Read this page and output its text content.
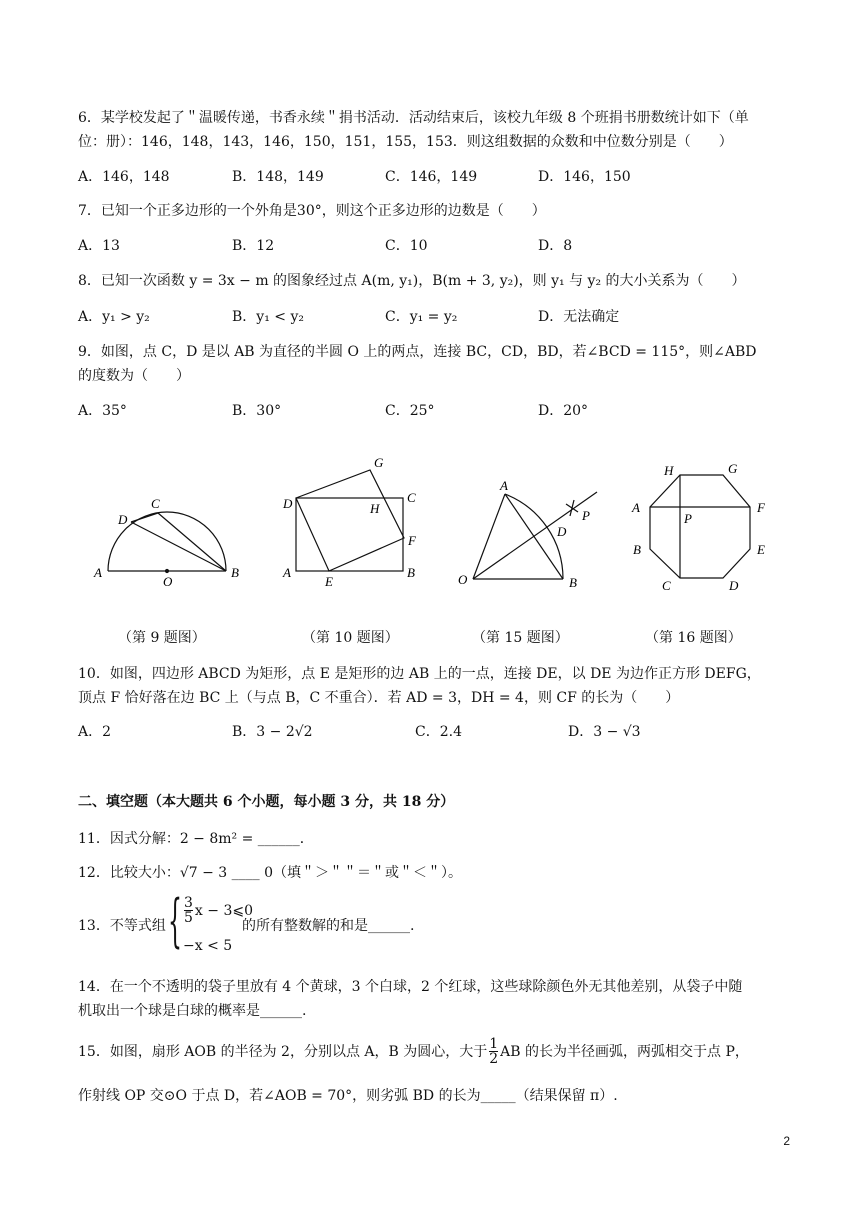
6．某学校发起了＂温暖传递，书香永续＂捐书活动．活动结束后，该校九年级 8 个班捐书册数统计如下（单
位：册）：146，148，143，146，150，151，155，153．则这组数据的众数和中位数分别是（　　）
A．146，148	B．148，149	C．146，149	D．146，150
7．已知一个正多边形的一个外角是30°，则这个正多边形的边数是（　　）
A．13	B．12	C．10	D．8
8．已知一次函数 y = 3x − m 的图象经过点 A(m, y₁)，B(m + 3, y₂)，则 y₁ 与 y₂ 的大小关系为（　　）
A．y₁ > y₂	B．y₁ < y₂	C．y₁ = y₂	D．无法确定
9．如图，点 C，D 是以 AB 为直径的半圆 O 上的两点，连接 BC，CD，BD，若∠BCD = 115°，则∠ABD
的度数为（　　）
A．35°	B．30°	C．25°	D．20°
A
O
B
C
D
G
D	C
H
F
A
E
B
A
P
D
O	B
H	G
A
P
F
B	E
C	D
（第 9 题图）	（第 10 题图）	（第 15 题图）	（第 16 题图）
10．如图，四边形 ABCD 为矩形，点 E 是矩形的边 AB 上的一点，连接 DE，以 DE 为边作正方形 DEFG，
顶点 F 恰好落在边 BC 上（与点 B，C 不重合）．若 AD = 3，DH = 4，则 CF 的长为（　　）
A．2	B．3 − 2√2	C．2.4	D．3 − √3
二、填空题（本大题共 6 个小题，每小题 3 分，共 18 分）
11．因式分解：2 − 8m² = ______．
12．比较大小：√7 − 3 ____ 0（填＂＞＂＂＝＂或＂＜＂）。
13．不等式组 { $\frac{3}{5}$ x − 3⩽0
−x < 5
的所有整数解的和是______.
14．在一个不透明的袋子里放有 4 个黄球，3 个白球，2 个红球，这些球除颜色外无其他差别，从袋子中随
机取出一个球是白球的概率是______.
15．如图，扇形 AOB 的半径为 2，分别以点 A，B 为圆心，大于 $\frac{1}{2}$ AB 的长为半径画弧，两弧相交于点 P，
作射线 OP 交⊙O 于点 D，若∠AOB = 70°，则劣弧 BD 的长为_____（结果保留 π）.
2
